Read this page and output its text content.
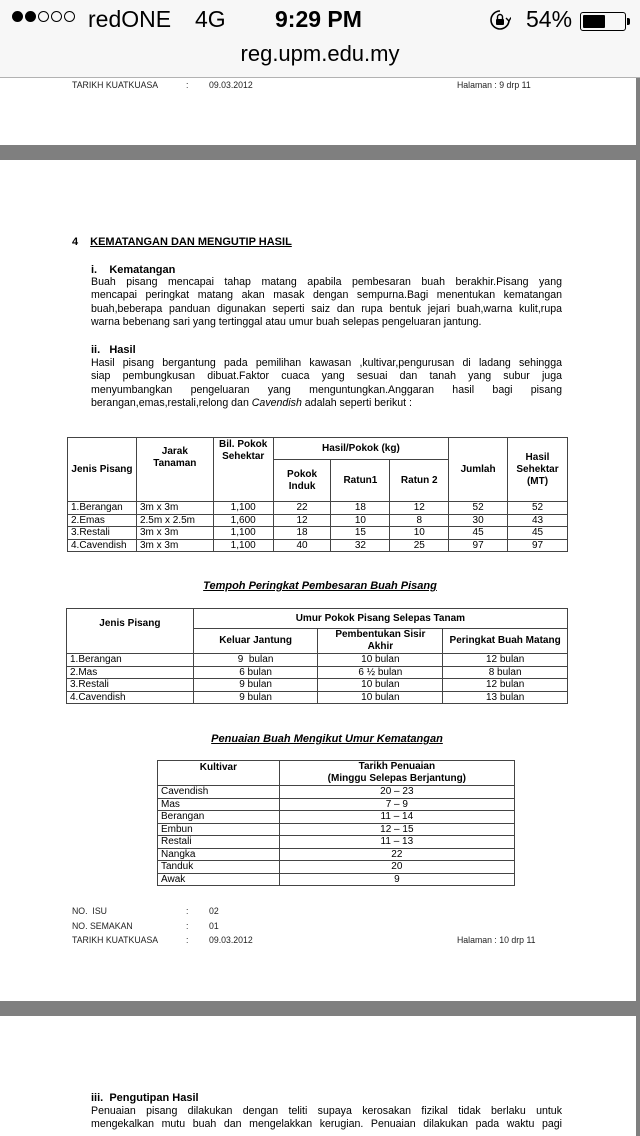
redONE 4G 9:29 PM	54%
reg.upm.edu.my
TARIKH KUATKUASA	: 09.03.2012	Halaman : 9 drp 11
4 KEMATANGAN DAN MENGUTIP HASIL
i.    Kematangan
Buah pisang mencapai tahap matang apabila pembesaran buah berakhir.Pisang yang
mencapai peringkat matang akan masak dengan sempurna.Bagi menentukan kematangan
buah,beberapa panduan digunakan seperti saiz dan rupa bentuk jejari buah,warna kulit,rupa
warna bebenang sari yang tertinggal atau umur buah selepas pengeluaran jantung.
ii.   Hasil
Hasil pisang bergantung pada pemilihan kawasan ,kultivar,pengurusan di ladang sehingga
siap pembungkusan dibuat.Faktor cuaca yang sesuai dan tanah yang subur juga
menyumbangkan pengeluaran yang menguntungkan.Anggaran hasil bagi pisang
berangan,emas,restali,relong dan Cavendish adalah seperti berikut :
Jenis Pisang	Jarak Tanaman	Bil. Pokok Sehektar	Hasil/Pokok (kg)			Jumlah	Hasil Sehektar (MT)
			Pokok Induk	Ratun1	Ratun 2		
1.Berangan	3m x 3m	1,100	22	18	12	52	52
2.Emas	2.5m x 2.5m	1,600	12	10	8	30	43
3.Restali	3m x 3m	1,100	18	15	10	45	45
4.Cavendish	3m x 3m	1,100	40	32	25	97	97
Tempoh Peringkat Pembesaran Buah Pisang
Jenis Pisang	Umur Pokok Pisang Selepas Tanam		
	Keluar Jantung	Pembentukan Sisir Akhir	Peringkat Buah Matang
1.Berangan	9  bulan	10 bulan	12 bulan
2.Mas	6 bulan	6 ½ bulan	8 bulan
3.Restali	9 bulan	10 bulan	12 bulan
4.Cavendish	9 bulan	10 bulan	13 bulan
Penuaian Buah Mengikut Umur Kematangan
Kultivar	Tarikh Penuaian
(Minggu Selepas Berjantung)
Cavendish	20 – 23
Mas	7 – 9
Berangan	11 – 14
Embun	12 – 15
Restali	11 – 13
Nangka	22
Tanduk	20
Awak	9
NO.  ISU	: 02
NO. SEMAKAN	: 01
TARIKH KUATKUASA	: 09.03.2012	Halaman : 10 drp 11
iii.  Pengutipan Hasil
Penuaian pisang dilakukan dengan teliti supaya kerosakan fizikal tidak berlaku untuk
mengekalkan mutu buah dan mengelakkan kerugian. Penuaian dilakukan pada waktu pagi
